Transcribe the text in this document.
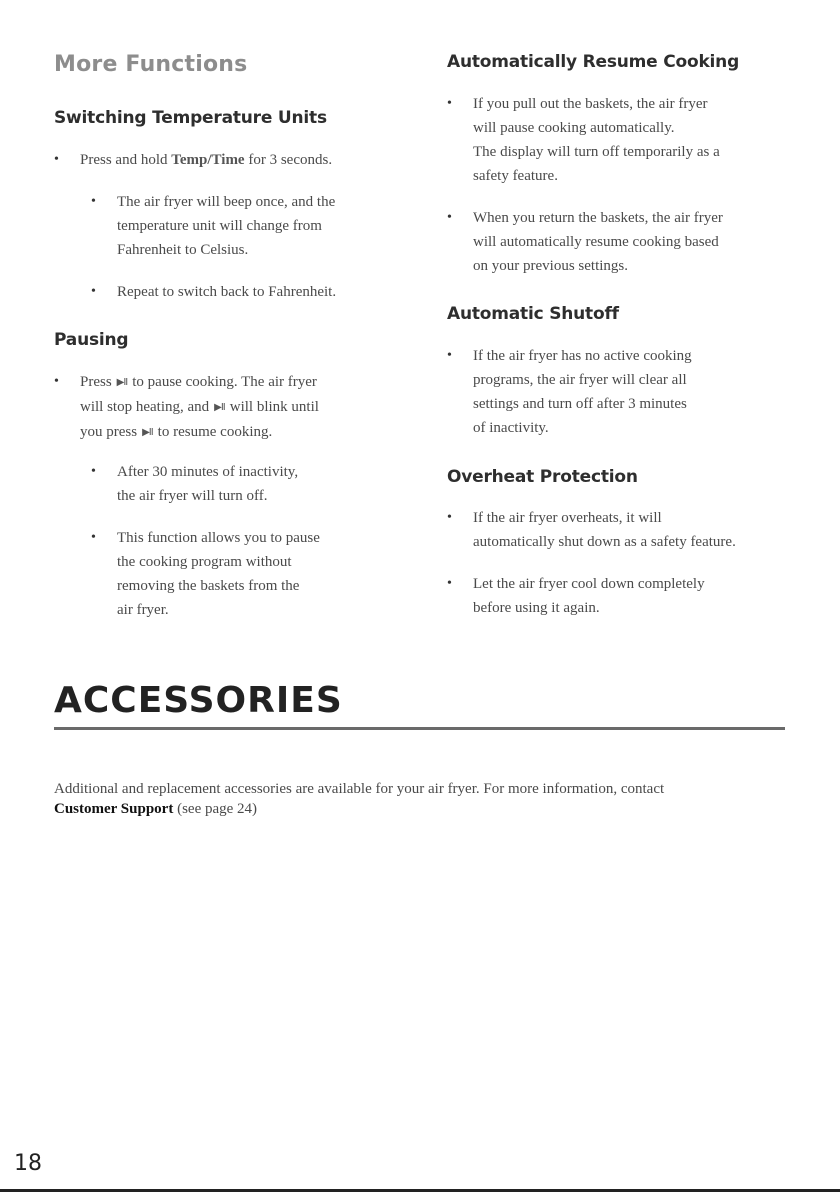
More Functions
Switching Temperature Units
• Press and hold Temp/Time for 3 seconds.
• The air fryer will beep once, and the
temperature unit will change from
Fahrenheit to Celsius.
• Repeat to switch back to Fahrenheit.
Pausing
• Press ▶II to pause cooking. The air fryer
will stop heating, and ▶II will blink until
you press ▶II to resume cooking.
• After 30 minutes of inactivity,
the air fryer will turn off.
• This function allows you to pause
the cooking program without
removing the baskets from the
air fryer.
Automatically Resume Cooking
• If you pull out the baskets, the air fryer
will pause cooking automatically.
The display will turn off temporarily as a
safety feature.
• When you return the baskets, the air fryer
will automatically resume cooking based
on your previous settings.
Automatic Shutoff
• If the air fryer has no active cooking
programs, the air fryer will clear all
settings and turn off after 3 minutes
of inactivity.
Overheat Protection
• If the air fryer overheats, it will
automatically shut down as a safety feature.
• Let the air fryer cool down completely
before using it again.
ACCESSORIES
Additional and replacement accessories are available for your air fryer. For more information, contact
Customer Support (see page 24)
18
